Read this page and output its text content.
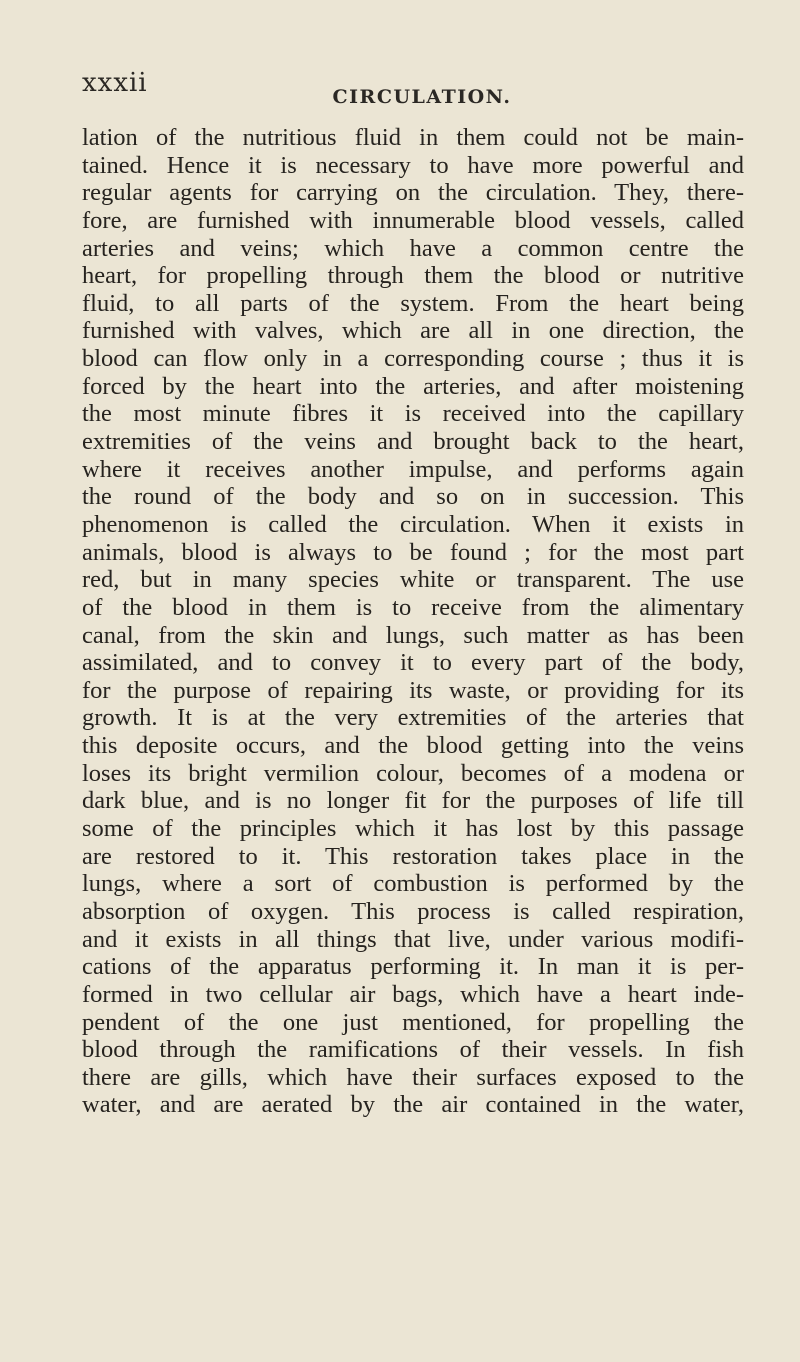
xxxii	CIRCULATION.
lation of the nutritious fluid in them could not be main-
tained. Hence it is necessary to have more powerful and
regular agents for carrying on the circulation. They, there-
fore, are furnished with innumerable blood vessels, called
arteries and veins; which have a common centre the
heart, for propelling through them the blood or nutritive
fluid, to all parts of the system. From the heart being
furnished with valves, which are all in one direction, the
blood can flow only in a corresponding course ; thus it is
forced by the heart into the arteries, and after moistening
the most minute fibres it is received into the capillary
extremities of the veins and brought back to the heart,
where it receives another impulse, and performs again
the round of the body and so on in succession. This
phenomenon is called the circulation. When it exists in
animals, blood is always to be found ; for the most part
red, but in many species white or transparent. The use
of the blood in them is to receive from the alimentary
canal, from the skin and lungs, such matter as has been
assimilated, and to convey it to every part of the body,
for the purpose of repairing its waste, or providing for its
growth. It is at the very extremities of the arteries that
this deposite occurs, and the blood getting into the veins
loses its bright vermilion colour, becomes of a modena or
dark blue, and is no longer fit for the purposes of life till
some of the principles which it has lost by this passage
are restored to it. This restoration takes place in the
lungs, where a sort of combustion is performed by the
absorption of oxygen. This process is called respiration,
and it exists in all things that live, under various modifi-
cations of the apparatus performing it. In man it is per-
formed in two cellular air bags, which have a heart inde-
pendent of the one just mentioned, for propelling the
blood through the ramifications of their vessels. In fish
there are gills, which have their surfaces exposed to the
water, and are aerated by the air contained in the water,
